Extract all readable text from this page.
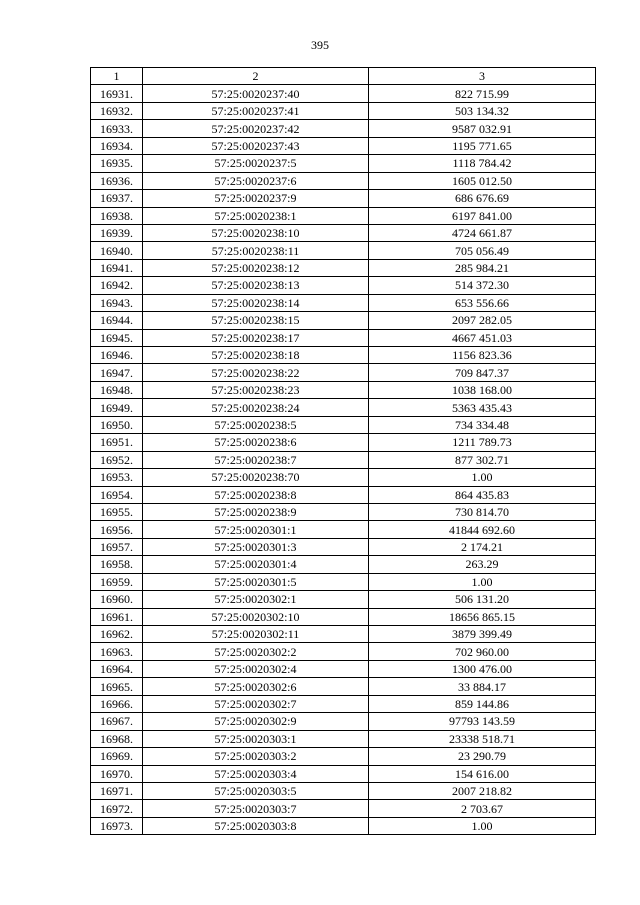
395
1	2	3
16931.	57:25:0020237:40	822 715.99
16932.	57:25:0020237:41	503 134.32
16933.	57:25:0020237:42	9587 032.91
16934.	57:25:0020237:43	1195 771.65
16935.	57:25:0020237:5	1118 784.42
16936.	57:25:0020237:6	1605 012.50
16937.	57:25:0020237:9	686 676.69
16938.	57:25:0020238:1	6197 841.00
16939.	57:25:0020238:10	4724 661.87
16940.	57:25:0020238:11	705 056.49
16941.	57:25:0020238:12	285 984.21
16942.	57:25:0020238:13	514 372.30
16943.	57:25:0020238:14	653 556.66
16944.	57:25:0020238:15	2097 282.05
16945.	57:25:0020238:17	4667 451.03
16946.	57:25:0020238:18	1156 823.36
16947.	57:25:0020238:22	709 847.37
16948.	57:25:0020238:23	1038 168.00
16949.	57:25:0020238:24	5363 435.43
16950.	57:25:0020238:5	734 334.48
16951.	57:25:0020238:6	1211 789.73
16952.	57:25:0020238:7	877 302.71
16953.	57:25:0020238:70	1.00
16954.	57:25:0020238:8	864 435.83
16955.	57:25:0020238:9	730 814.70
16956.	57:25:0020301:1	41844 692.60
16957.	57:25:0020301:3	2 174.21
16958.	57:25:0020301:4	263.29
16959.	57:25:0020301:5	1.00
16960.	57:25:0020302:1	506 131.20
16961.	57:25:0020302:10	18656 865.15
16962.	57:25:0020302:11	3879 399.49
16963.	57:25:0020302:2	702 960.00
16964.	57:25:0020302:4	1300 476.00
16965.	57:25:0020302:6	33 884.17
16966.	57:25:0020302:7	859 144.86
16967.	57:25:0020302:9	97793 143.59
16968.	57:25:0020303:1	23338 518.71
16969.	57:25:0020303:2	23 290.79
16970.	57:25:0020303:4	154 616.00
16971.	57:25:0020303:5	2007 218.82
16972.	57:25:0020303:7	2 703.67
16973.	57:25:0020303:8	1.00
